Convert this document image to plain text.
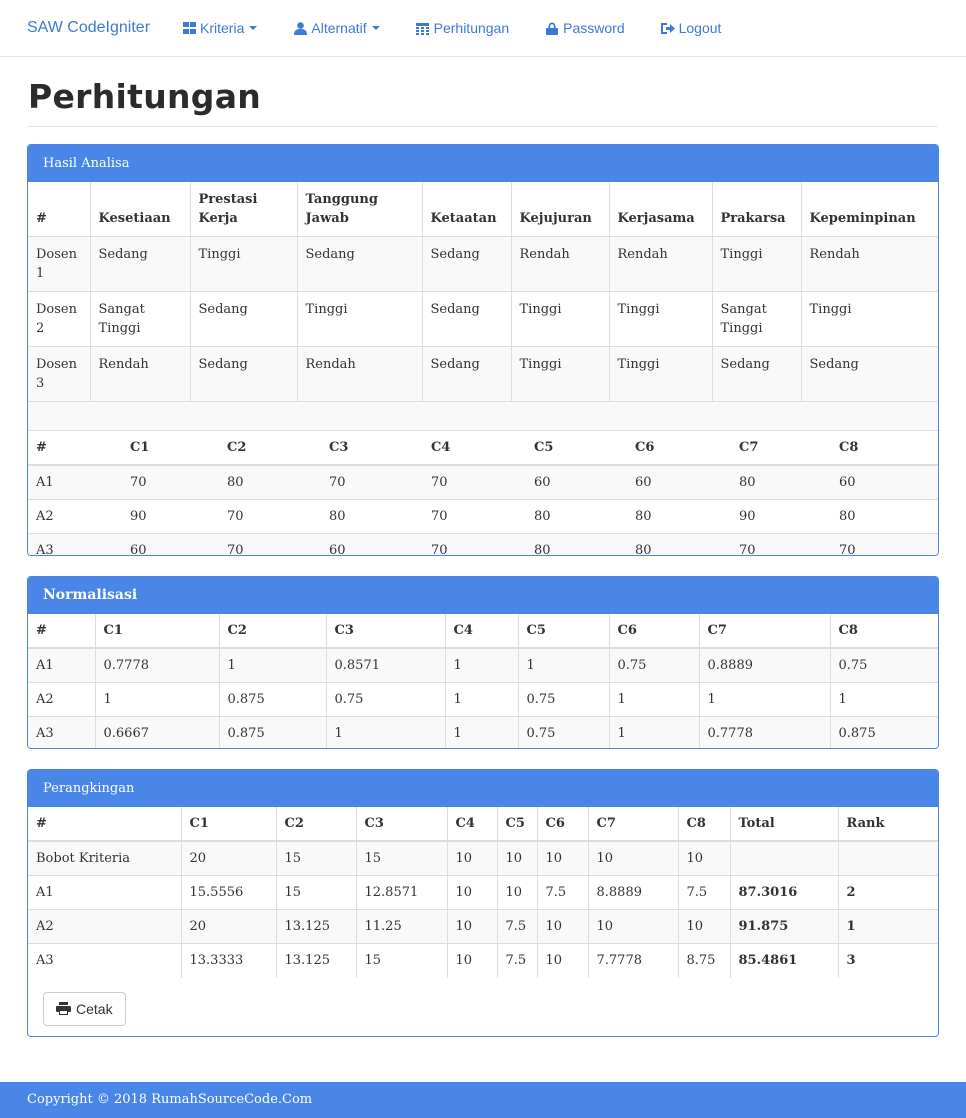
SAW CodeIgniter	Kriteria	Alternatif	Perhitungan	Password	Logout
Perhitungan
Hasil Analisa
#	Kesetiaan	Prestasi Kerja	Tanggung Jawab	Ketaatan	Kejujuran	Kerjasama	Prakarsa	Kepeminpinan
Dosen 1	Sedang	Tinggi	Sedang	Sedang	Rendah	Rendah	Tinggi	Rendah
Dosen 2	Sangat Tinggi	Sedang	Tinggi	Sedang	Tinggi	Tinggi	Sangat Tinggi	Tinggi
Dosen 3	Rendah	Sedang	Rendah	Sedang	Tinggi	Tinggi	Sedang	Sedang

#	C1	C2	C3	C4	C5	C6	C7	C8
A1	70	80	70	70	60	60	80	60
A2	90	70	80	70	80	80	90	80
A3	60	70	60	70	80	80	70	70
Normalisasi
#	C1	C2	C3	C4	C5	C6	C7	C8
A1	0.7778	1	0.8571	1	1	0.75	0.8889	0.75
A2	1	0.875	0.75	1	0.75	1	1	1
A3	0.6667	0.875	1	1	0.75	1	0.7778	0.875
Perangkingan
#	C1	C2	C3	C4	C5	C6	C7	C8	Total	Rank
Bobot Kriteria	20	15	15	10	10	10	10	10		
A1	15.5556	15	12.8571	10	10	7.5	8.8889	7.5	87.3016	2
A2	20	13.125	11.25	10	7.5	10	10	10	91.875	1
A3	13.3333	13.125	15	10	7.5	10	7.7778	8.75	85.4861	3
Cetak
Copyright © 2018 RumahSourceCode.Com
